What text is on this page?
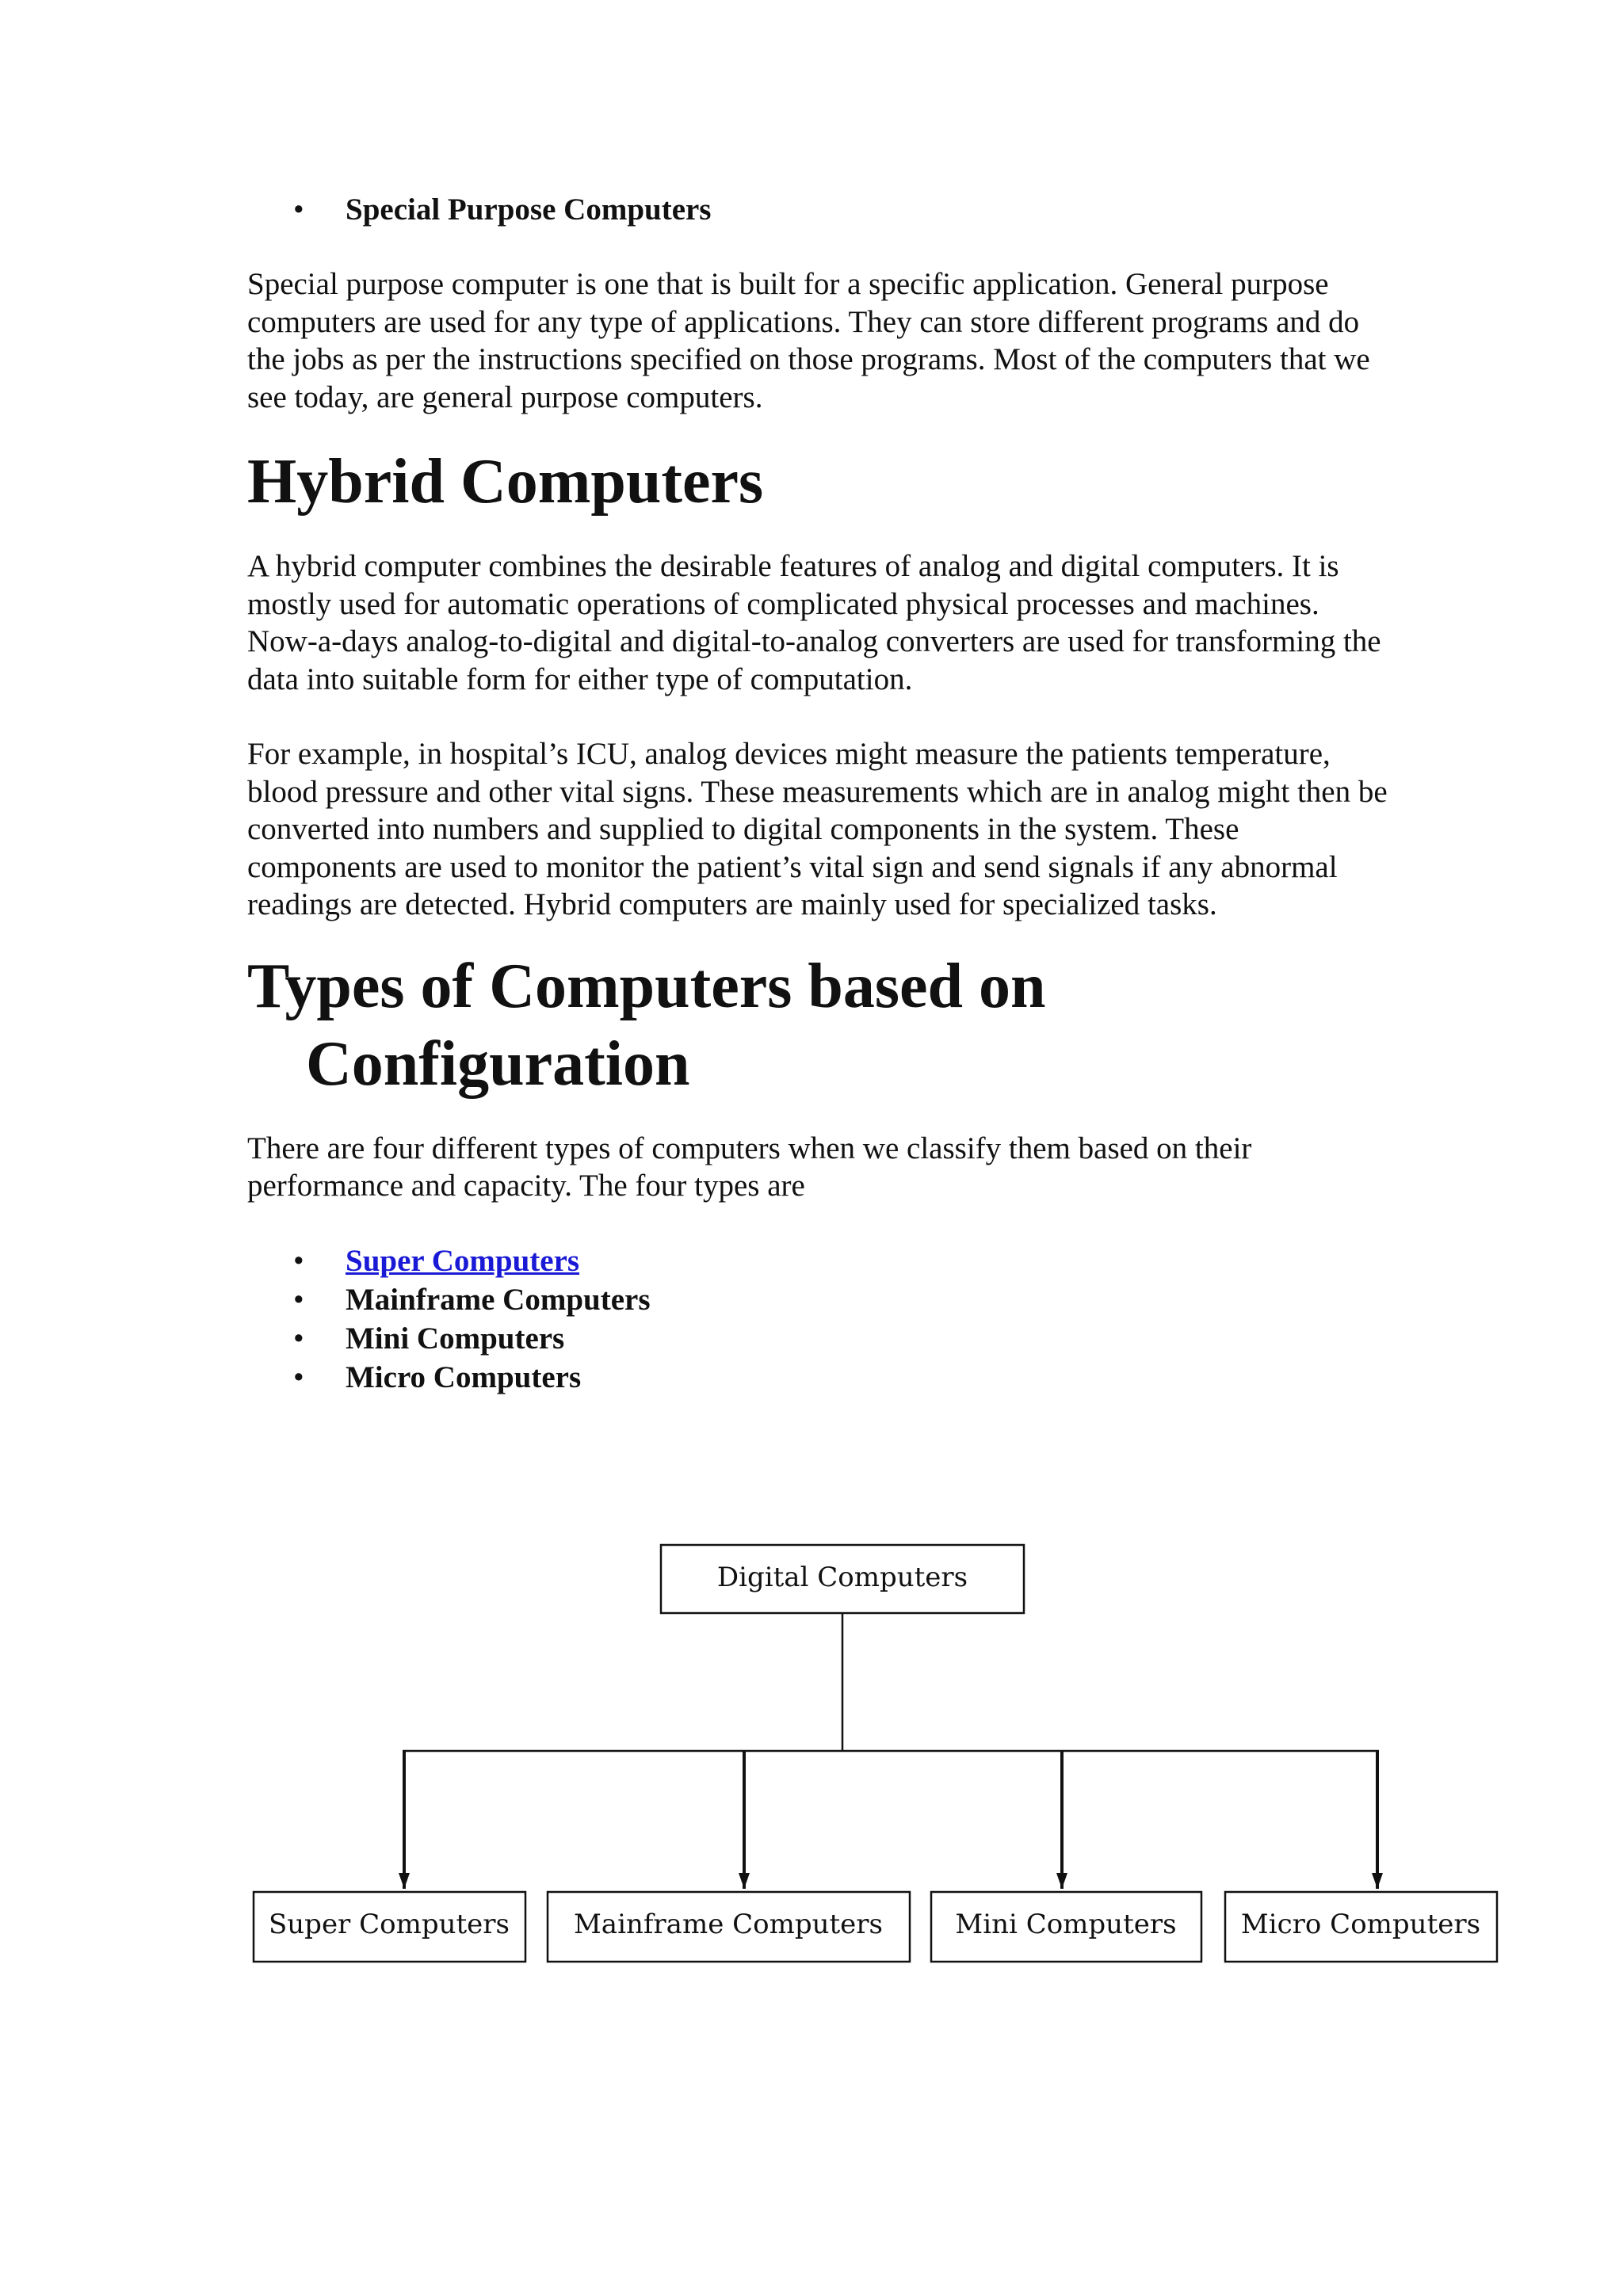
• Special Purpose Computers

Special purpose computer is one that is built for a specific application. General purpose computers are used for any type of applications. They can store different programs and do the jobs as per the instructions specified on those programs. Most of the computers that we see today, are general purpose computers.

Hybrid Computers

A hybrid computer combines the desirable features of analog and digital computers. It is mostly used for automatic operations of complicated physical processes and machines. Now-a-days analog-to-digital and digital-to-analog converters are used for transforming the data into suitable form for either type of computation.

For example, in hospital’s ICU, analog devices might measure the patients temperature, blood pressure and other vital signs. These measurements which are in analog might then be converted into numbers and supplied to digital components in the system. These components are used to monitor the patient’s vital sign and send signals if any abnormal readings are detected. Hybrid computers are mainly used for specialized tasks.

Types of Computers based on
Configuration

There are four different types of computers when we classify them based on their performance and capacity. The four types are

• Super Computers
• Mainframe Computers
• Mini Computers
• Micro Computers
Digital Computers
Super Computers Mainframe Computers	Mini Computers Micro Computers
